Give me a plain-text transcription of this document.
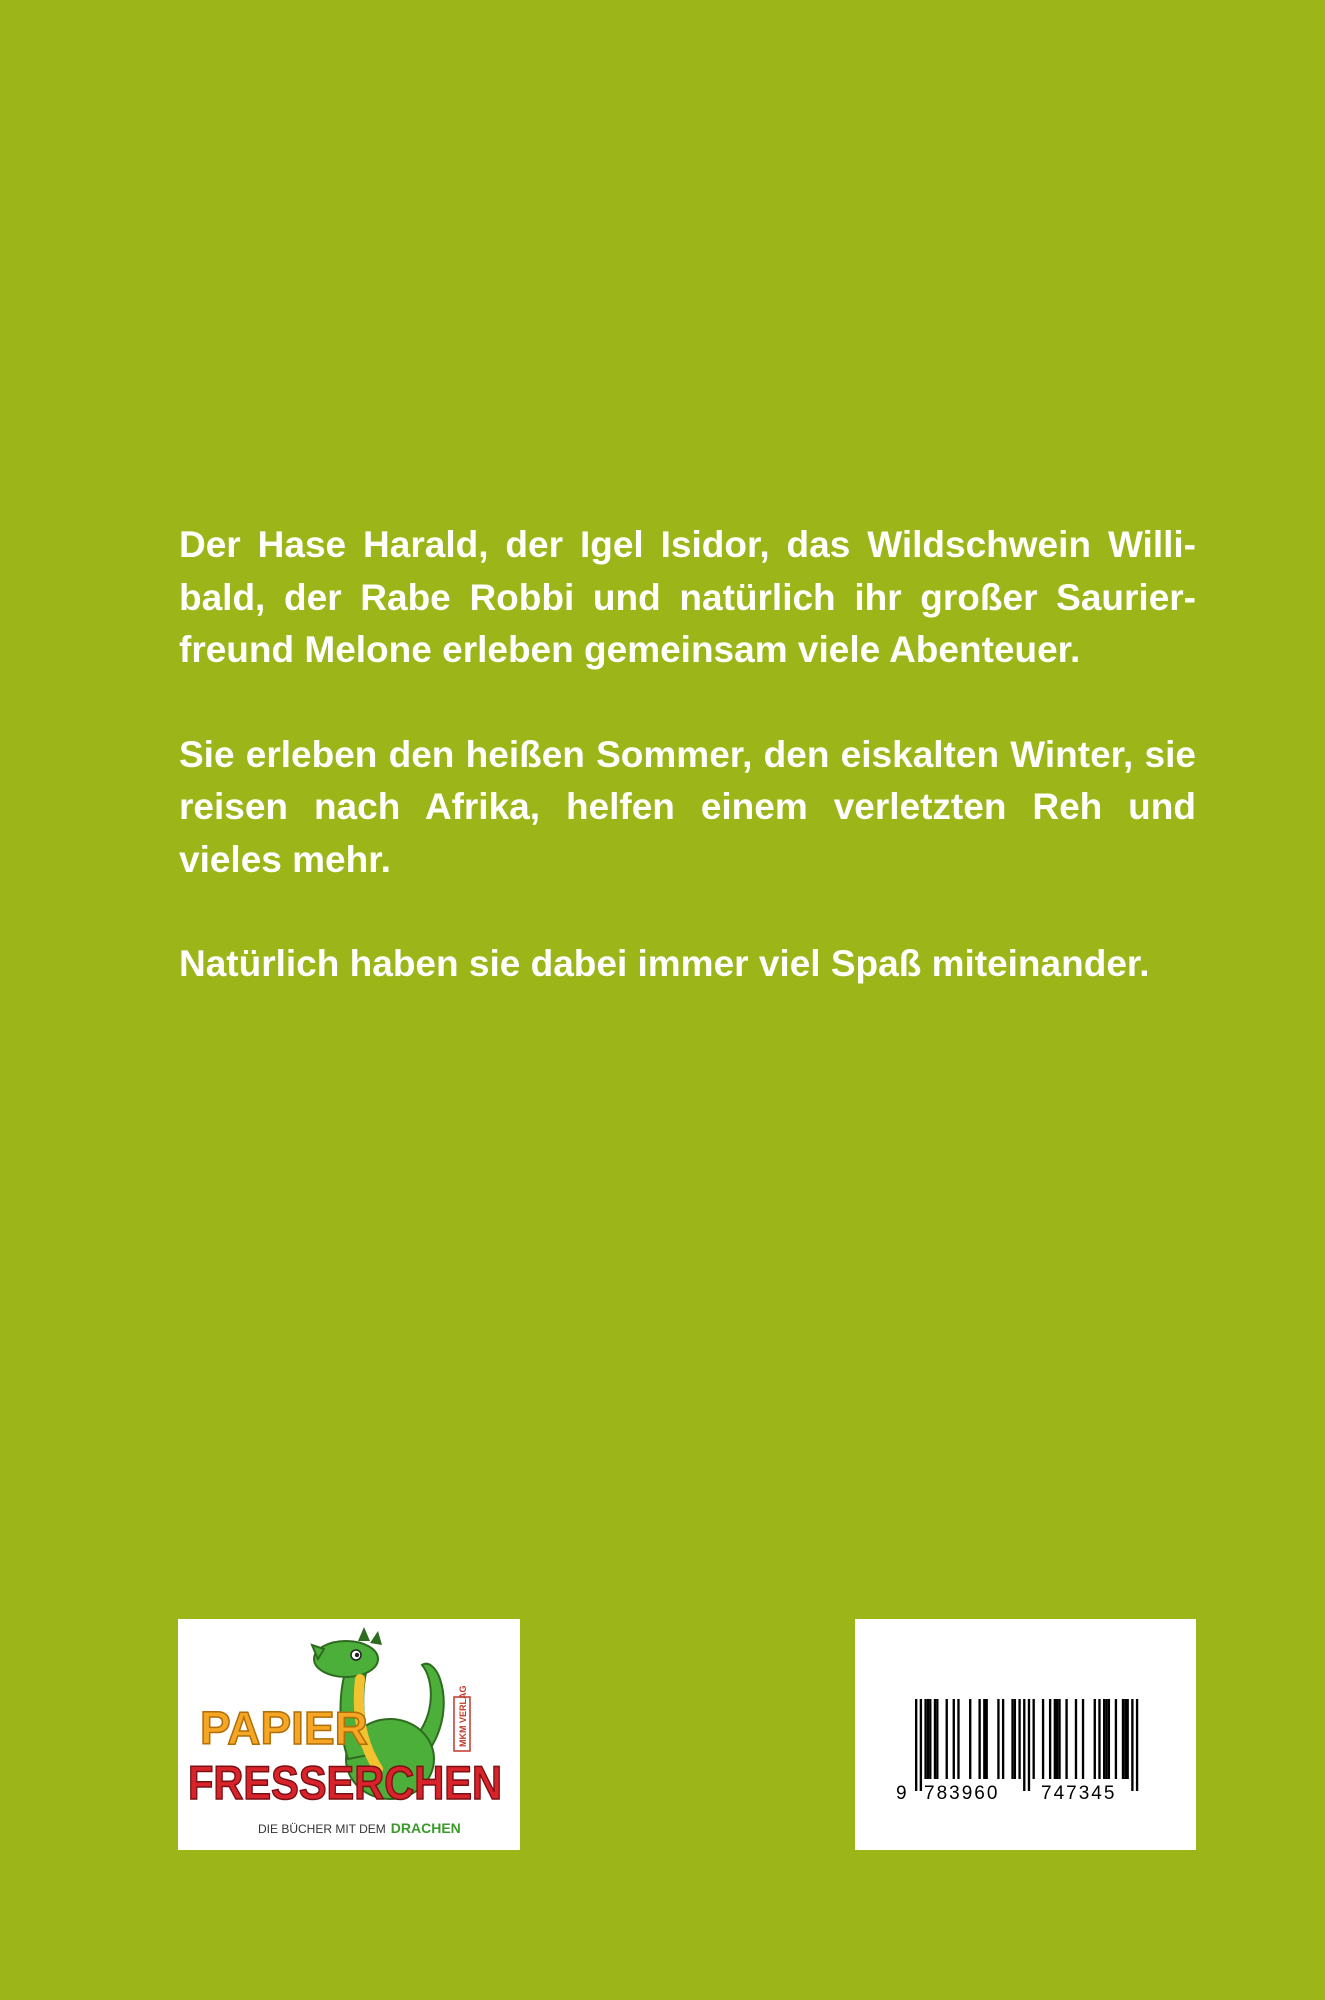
Der Hase Harald, der Igel Isidor, das Wildschwein Willi-bald, der Rabe Robbi und natürlich ihr großer Saurier-freund Melone erleben gemeinsam viele Abenteuer.

Sie erleben den heißen Sommer, den eiskalten Winter, sie reisen nach Afrika, helfen einem verletzten Reh und vieles mehr.

Natürlich haben sie dabei immer viel Spaß miteinander.

MKM VERLAG
PAPIER
FRESSERCHEN
DIE BÜCHER MIT DEM DRACHEN
9 783960 747345
